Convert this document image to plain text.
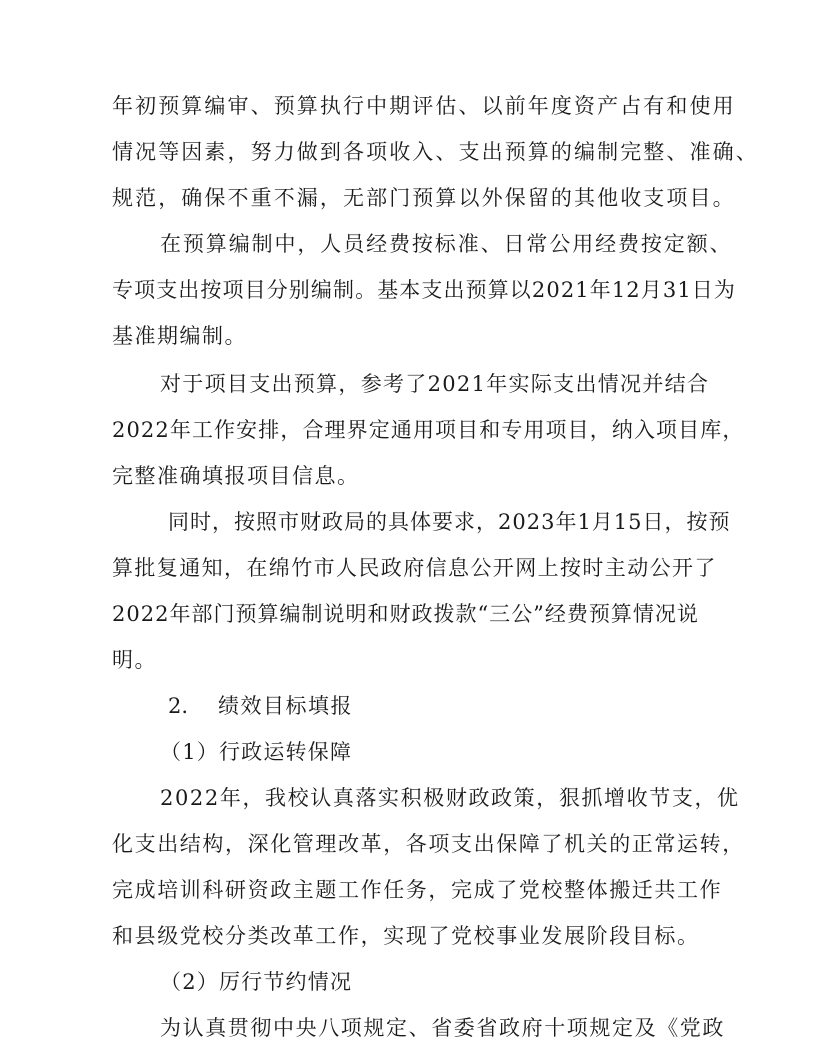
年初预算编审、预算执行中期评估、以前年度资产占有和使用
情况等因素，努力做到各项收入、支出预算的编制完整、准确、
规范，确保不重不漏，无部门预算以外保留的其他收支项目。
在预算编制中，人员经费按标准、日常公用经费按定额、
专项支出按项目分别编制。基本支出预算以2021年12月31日为
基准期编制。
对于项目支出预算，参考了2021年实际支出情况并结合
2022年工作安排，合理界定通用项目和专用项目，纳入项目库，
完整准确填报项目信息。
同时，按照市财政局的具体要求，2023年1月15日，按预
算批复通知，在绵竹市人民政府信息公开网上按时主动公开了
2022年部门预算编制说明和财政拨款“三公”经费预算情况说
明。
2. 绩效目标填报
（1）行政运转保障
2022年，我校认真落实积极财政政策，狠抓增收节支，优
化支出结构，深化管理改革，各项支出保障了机关的正常运转，
完成培训科研资政主题工作任务，完成了党校整体搬迁共工作
和县级党校分类改革工作，实现了党校事业发展阶段目标。
（2）厉行节约情况
为认真贯彻中央八项规定、省委省政府十项规定及《党政
